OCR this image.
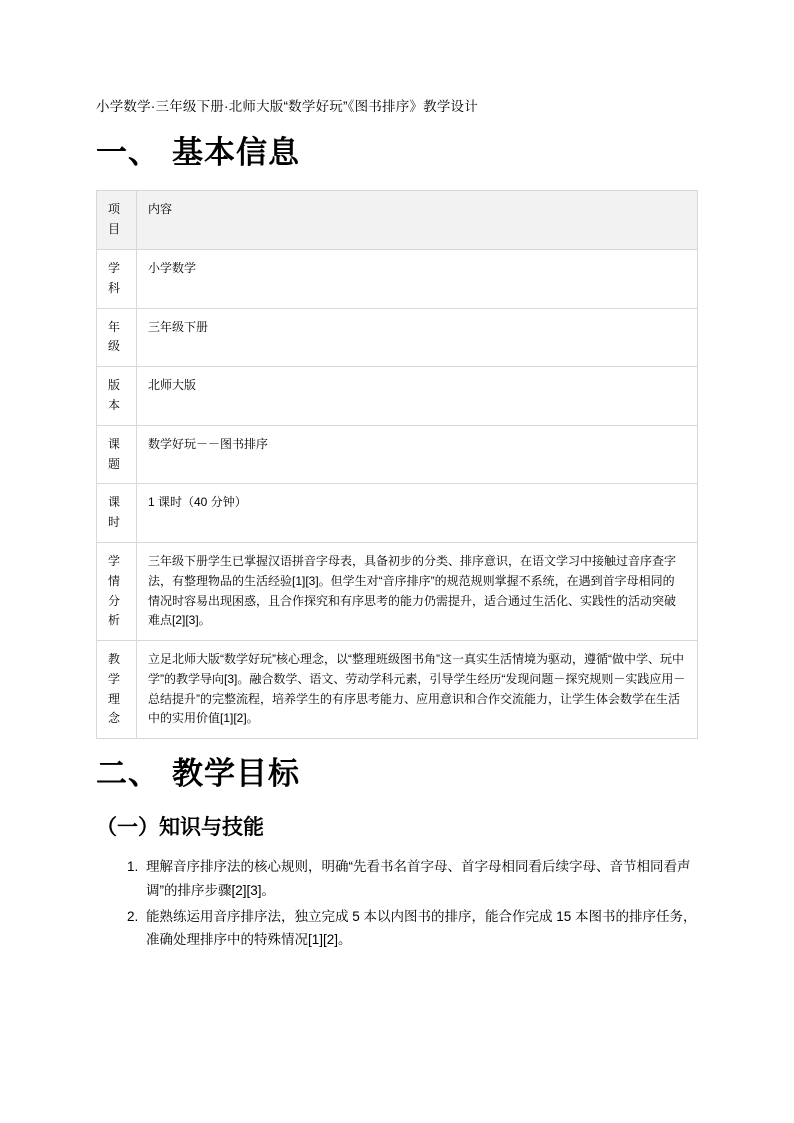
小学数学·三年级下册·北师大版“数学好玩”《图书排序》教学设计

一、 基本信息
项目	内容
学科	小学数学
年级	三年级下册
版本	北师大版
课题	数学好玩－－图书排序
课时	1 课时（40 分钟）
学情分析	三年级下册学生已掌握汉语拼音字母表，具备初步的分类、排序意识，在语文学习中接触过音序查字法，有整理物品的生活经验[1][3]。但学生对“音序排序”的规范规则掌握不系统，在遇到首字母相同的情况时容易出现困惑，且合作探究和有序思考的能力仍需提升，适合通过生活化、实践性的活动突破难点[2][3]。
教学理念	立足北师大版“数学好玩”核心理念，以“整理班级图书角”这一真实生活情境为驱动，遵循“做中学、玩中学”的教学导向[3]。融合数学、语文、劳动学科元素，引导学生经历“发现问题－探究规则－实践应用－总结提升”的完整流程，培养学生的有序思考能力、应用意识和合作交流能力，让学生体会数学在生活中的实用价值[1][2]。
二、 教学目标
（一）知识与技能
1. 理解音序排序法的核心规则，明确“先看书名首字母、首字母相同看后续字母、音节相同看声调”的排序步骤[2][3]。
2. 能熟练运用音序排序法，独立完成 5 本以内图书的排序，能合作完成 15 本图书的排序任务，准确处理排序中的特殊情况[1][2]。
